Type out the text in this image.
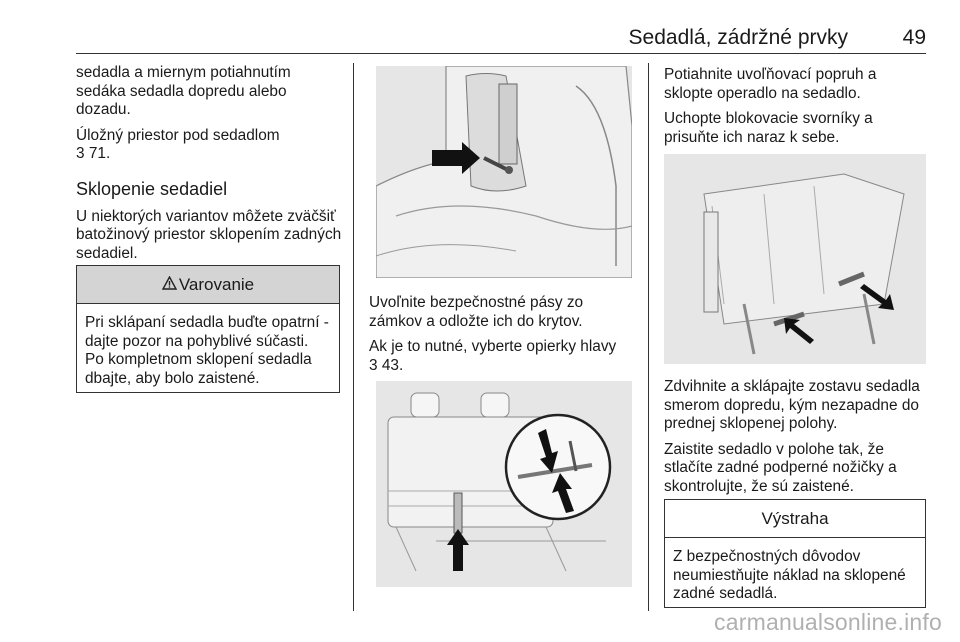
Sedadlá, zádržné prvky	49

sedadla a miernym potiahnutím sedáka sedadla dopredu alebo dozadu.

Úložný priestor pod sedadlom

3 71.

Sklopenie sedadiel

U niektorých variantov môžete zväčšiť batožinový priestor sklopením zadných sedadiel.

Varovanie

Pri sklápaní sedadla buďte opatrní - dajte pozor na pohyblivé súčasti. Po kompletnom sklopení sedadla dbajte, aby bolo zaistené.

Uvoľnite bezpečnostné pásy zo zámkov a odložte ich do krytov.

Ak je to nutné, vyberte opierky hlavy

3 43.

Potiahnite uvoľňovací popruh a sklopte operadlo na sedadlo.

Uchopte blokovacie svorníky a prisuňte ich naraz k sebe.

Zdvihnite a sklápajte zostavu sedadla smerom dopredu, kým nezapadne do prednej sklopenej polohy.

Zaistite sedadlo v polohe tak, že stlačíte zadné podperné nožičky a skontrolujte, že sú zaistené.

Výstraha

Z bezpečnostných dôvodov neumiestňujte náklad na sklopené zadné sedadlá.

carmanualsonline.info
